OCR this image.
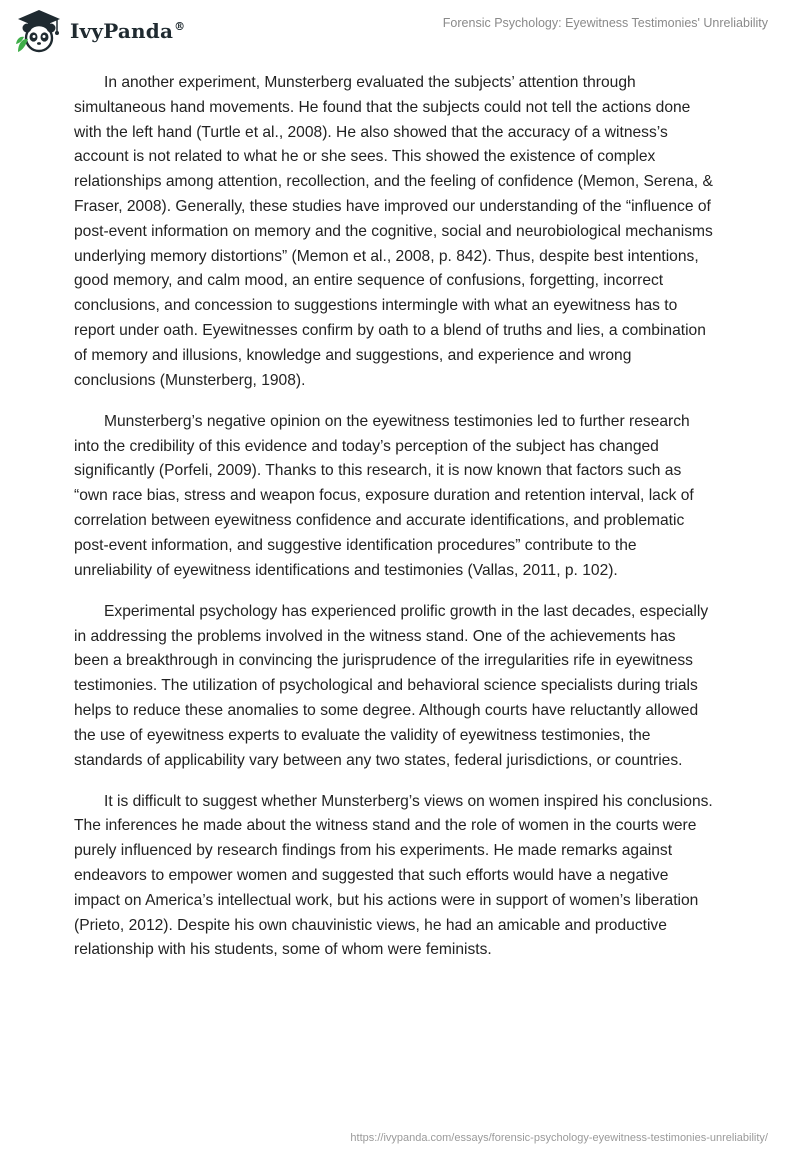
IvyPanda®	Forensic Psychology: Eyewitness Testimonies' Unreliability

In another experiment, Munsterberg evaluated the subjects’ attention through simultaneous hand movements. He found that the subjects could not tell the actions done with the left hand (Turtle et al., 2008). He also showed that the accuracy of a witness’s account is not related to what he or she sees. This showed the existence of complex relationships among attention, recollection, and the feeling of confidence (Memon, Serena, & Fraser, 2008). Generally, these studies have improved our understanding of the “influence of post-event information on memory and the cognitive, social and neurobiological mechanisms underlying memory distortions” (Memon et al., 2008, p. 842). Thus, despite best intentions, good memory, and calm mood, an entire sequence of confusions, forgetting, incorrect conclusions, and concession to suggestions intermingle with what an eyewitness has to report under oath. Eyewitnesses confirm by oath to a blend of truths and lies, a combination of memory and illusions, knowledge and suggestions, and experience and wrong conclusions (Munsterberg, 1908).

Munsterberg’s negative opinion on the eyewitness testimonies led to further research into the credibility of this evidence and today’s perception of the subject has changed significantly (Porfeli, 2009). Thanks to this research, it is now known that factors such as “own race bias, stress and weapon focus, exposure duration and retention interval, lack of correlation between eyewitness confidence and accurate identifications, and problematic post-event information, and suggestive identification procedures” contribute to the unreliability of eyewitness identifications and testimonies (Vallas, 2011, p. 102).

Experimental psychology has experienced prolific growth in the last decades, especially in addressing the problems involved in the witness stand. One of the achievements has been a breakthrough in convincing the jurisprudence of the irregularities rife in eyewitness testimonies. The utilization of psychological and behavioral science specialists during trials helps to reduce these anomalies to some degree. Although courts have reluctantly allowed the use of eyewitness experts to evaluate the validity of eyewitness testimonies, the standards of applicability vary between any two states, federal jurisdictions, or countries.

It is difficult to suggest whether Munsterberg’s views on women inspired his conclusions. The inferences he made about the witness stand and the role of women in the courts were purely influenced by research findings from his experiments. He made remarks against endeavors to empower women and suggested that such efforts would have a negative impact on America’s intellectual work, but his actions were in support of women’s liberation (Prieto, 2012). Despite his own chauvinistic views, he had an amicable and productive relationship with his students, some of whom were feminists.

https://ivypanda.com/essays/forensic-psychology-eyewitness-testimonies-unreliability/
